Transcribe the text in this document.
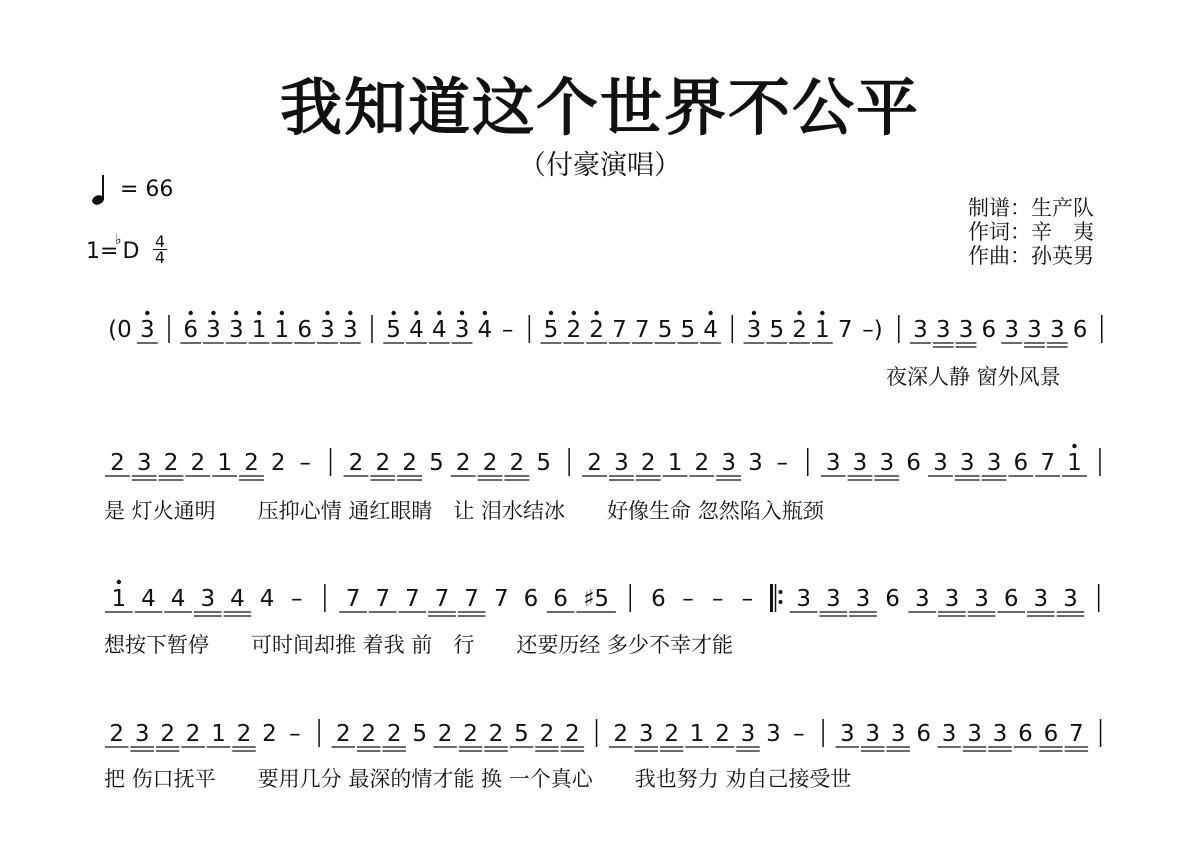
我知道这个世界不公平
（付豪演唱）
= 66
1=
♭ D 4
4
制谱：生产队
作词：辛　夷
作曲：孙英男
(0 3 6 3 3 1 1 6 3 3 5 4 4 3 4 – 5 2 2 7 7 5 5 4 3 5 2 1 7 –) 3 3 3 6 3 3 3 6
夜深人静 窗外风景
2 3 2 2 1 2 2 – 2 2 2 5 2 2 2 5 2 3 2 1 2 3 3 – 3 3 3 6 3 3 3 6 7 1
是 灯火通明　　压抑心情 通红眼睛　让 泪水结冰　　好像生命 忽然陷入瓶颈
1 4 4 3 4 4 – 7 7 7 7 7 7 6 6 ♯5 6 – – – 3 3 3 6 3 3 3 6 3 3
想按下暂停　　可时间却推 着我 前　行　　还要历经 多少不幸才能
2 3 2 2 1 2 2 – 2 2 2 5 2 2 2 5 2 2 2 3 2 1 2 3 3 – 3 3 3 6 3 3 3 6 6 7
把 伤口抚平　　要用几分 最深的情才能 换 一个真心　　我也努力 劝自己接受世
